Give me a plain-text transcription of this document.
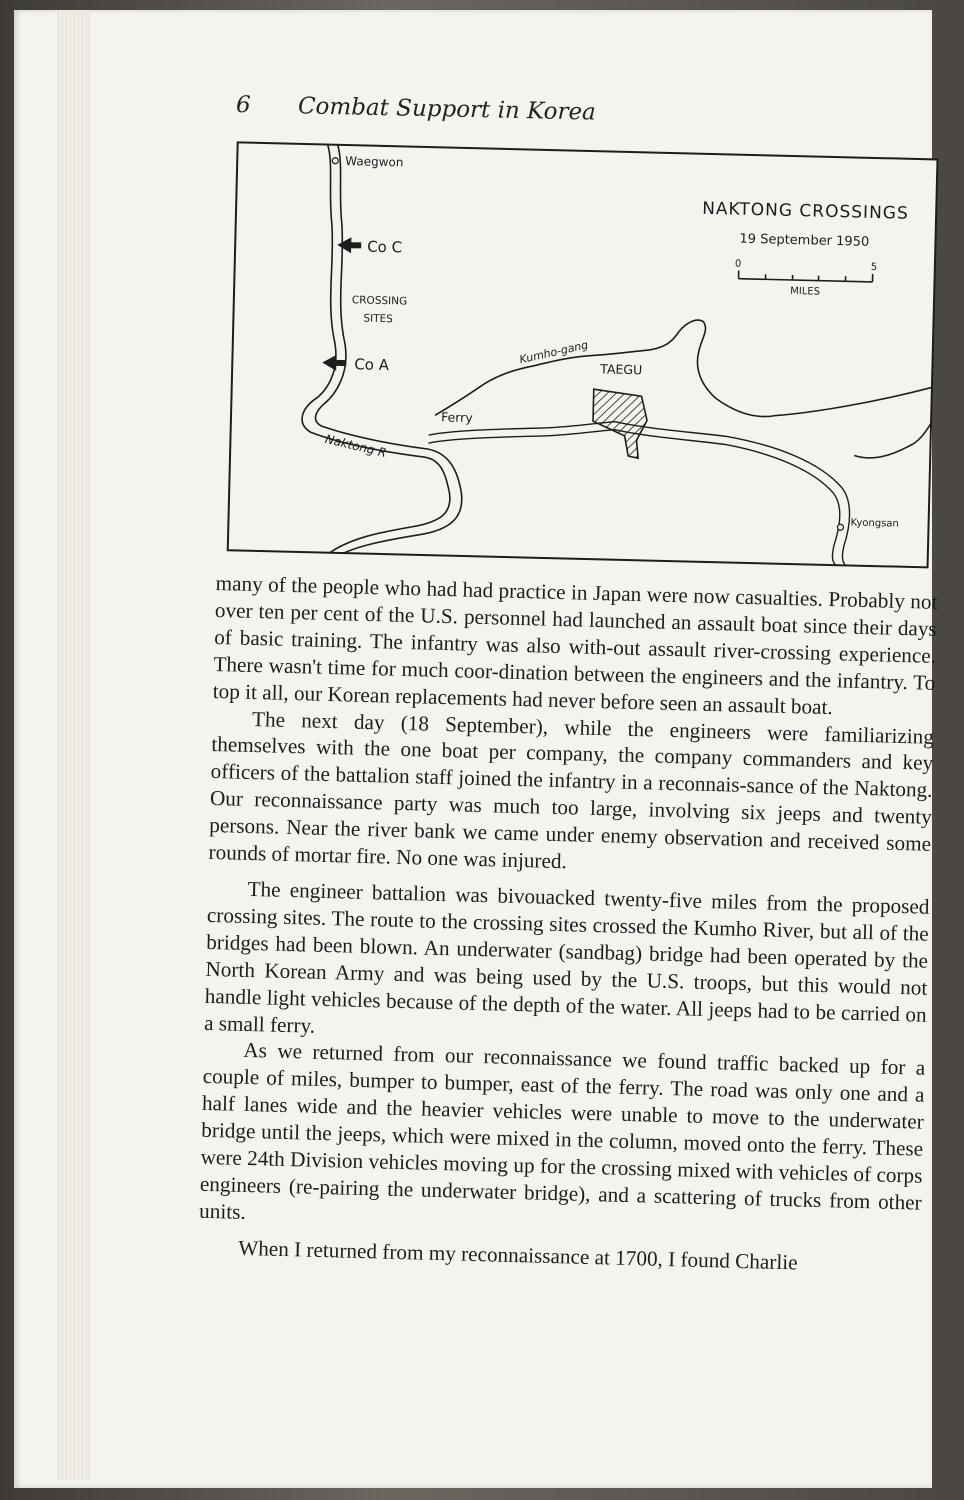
6 Combat Support in Korea
NAKTONG CROSSINGS
19 September 1950
0	5
MILES
Waegwon
Co C
CROSSING
SITES
Co A	Kumho-gang
TAEGU
Ferry
Naktong R
Kyongsan

many of the people who had had practice in Japan were now casualties. Probably not over ten per cent of the U.S. personnel had launched an assault boat since their days of basic training. The infantry was also with-out assault river-crossing experience. There wasn't time for much coor-dination between the engineers and the infantry. To top it all, our Korean replacements had never before seen an assault boat.

The next day (18 September), while the engineers were familiarizing themselves with the one boat per company, the company commanders and key officers of the battalion staff joined the infantry in a reconnais-sance of the Naktong. Our reconnaissance party was much too large, involving six jeeps and twenty persons. Near the river bank we came under enemy observation and received some rounds of mortar fire. No one was injured.

The engineer battalion was bivouacked twenty-five miles from the proposed crossing sites. The route to the crossing sites crossed the Kumho River, but all of the bridges had been blown. An underwater (sandbag) bridge had been operated by the North Korean Army and was being used by the U.S. troops, but this would not handle light vehicles because of the depth of the water. All jeeps had to be carried on a small ferry.

As we returned from our reconnaissance we found traffic backed up for a couple of miles, bumper to bumper, east of the ferry. The road was only one and a half lanes wide and the heavier vehicles were unable to move to the underwater bridge until the jeeps, which were mixed in the column, moved onto the ferry. These were 24th Division vehicles moving up for the crossing mixed with vehicles of corps engineers (re-pairing the underwater bridge), and a scattering of trucks from other units.

When I returned from my reconnaissance at 1700, I found Charlie
